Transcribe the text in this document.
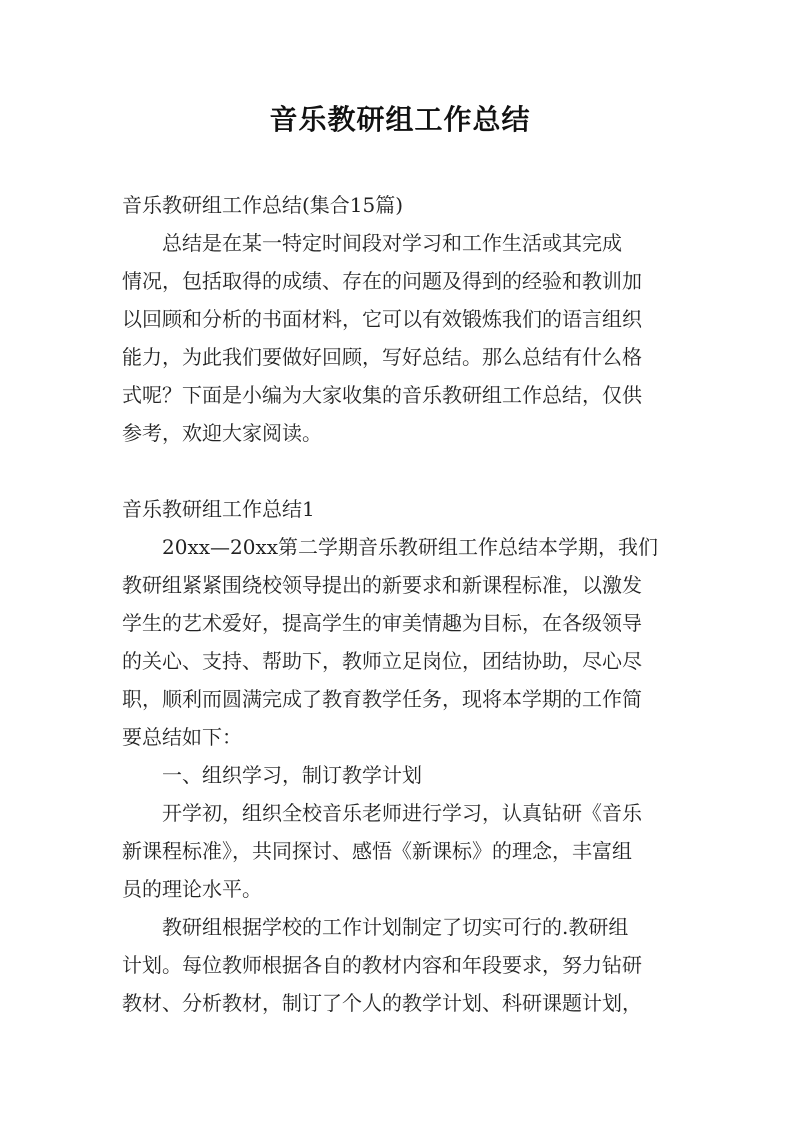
音乐教研组工作总结
音乐教研组工作总结(集合15篇)
总结是在某一特定时间段对学习和工作生活或其完成
情况，包括取得的成绩、存在的问题及得到的经验和教训加
以回顾和分析的书面材料，它可以有效锻炼我们的语言组织
能力，为此我们要做好回顾，写好总结。那么总结有什么格
式呢？下面是小编为大家收集的音乐教研组工作总结，仅供
参考，欢迎大家阅读。
音乐教研组工作总结1
20xx—20xx第二学期音乐教研组工作总结本学期，我们
教研组紧紧围绕校领导提出的新要求和新课程标准，以激发
学生的艺术爱好，提高学生的审美情趣为目标，在各级领导
的关心、支持、帮助下，教师立足岗位，团结协助，尽心尽
职，顺利而圆满完成了教育教学任务，现将本学期的工作简
要总结如下：
一、组织学习，制订教学计划
开学初，组织全校音乐老师进行学习，认真钻研《音乐
新课程标准》，共同探讨、感悟《新课标》的理念，丰富组
员的理论水平。
教研组根据学校的工作计划制定了切实可行的.教研组
计划。每位教师根据各自的教材内容和年段要求，努力钻研
教材、分析教材，制订了个人的教学计划、科研课题计划，
